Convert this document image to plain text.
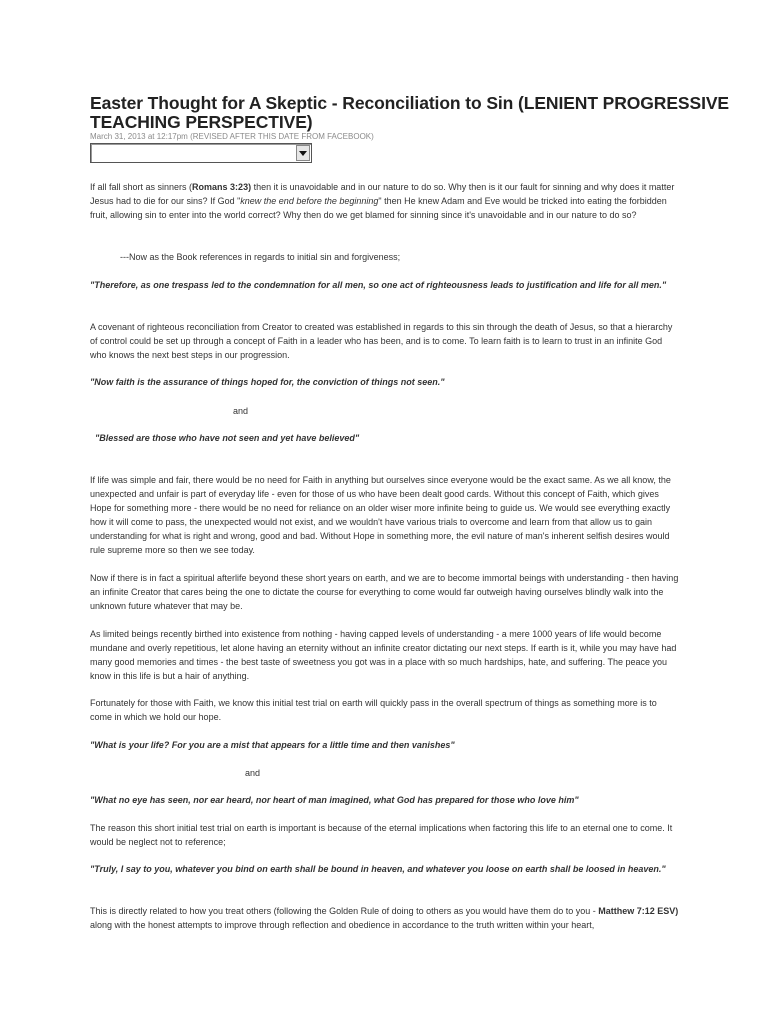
Easter Thought for A Skeptic - Reconciliation to Sin (LENIENT PROGRESSIVE TEACHING PERSPECTIVE)
March 31, 2013 at 12:17pm (REVISED AFTER THIS DATE FROM FACEBOOK)

If all fall short as sinners (Romans 3:23) then it is unavoidable and in our nature to do so. Why then is it our fault for sinning and why does it matter Jesus had to die for our sins? If God "knew the end before the beginning" then He knew Adam and Eve would be tricked into eating the forbidden fruit, allowing sin to enter into the world correct? Why then do we get blamed for sinning since it's unavoidable and in our nature to do so?

---Now as the Book references in regards to initial sin and forgiveness;

"Therefore, as one trespass led to the condemnation for all men, so one act of righteousness leads to justification and life for all men."

A covenant of righteous reconciliation from Creator to created was established in regards to this sin through the death of Jesus, so that a hierarchy of control could be set up through a concept of Faith in a leader who has been, and is to come. To learn faith is to learn to trust in an infinite God who knows the next best steps in our progression.

"Now faith is the assurance of things hoped for, the conviction of things not seen."

and

"Blessed are those who have not seen and yet have believed"

If life was simple and fair, there would be no need for Faith in anything but ourselves since everyone would be the exact same. As we all know, the unexpected and unfair is part of everyday life - even for those of us who have been dealt good cards. Without this concept of Faith, which gives Hope for something more - there would be no need for reliance on an older wiser more infinite being to guide us. We would see everything exactly how it will come to pass, the unexpected would not exist, and we wouldn't have various trials to overcome and learn from that allow us to gain understanding for what is right and wrong, good and bad. Without Hope in something more, the evil nature of man's inherent selfish desires would rule supreme more so then we see today.

Now if there is in fact a spiritual afterlife beyond these short years on earth, and we are to become immortal beings with understanding - then having an infinite Creator that cares being the one to dictate the course for everything to come would far outweigh having ourselves blindly walk into the unknown future whatever that may be.

As limited beings recently birthed into existence from nothing - having capped levels of understanding - a mere 1000 years of life would become mundane and overly repetitious, let alone having an eternity without an infinite creator dictating our next steps. If earth is it, while you may have had many good memories and times - the best taste of sweetness you got was in a place with so much hardships, hate, and suffering. The peace you know in this life is but a hair of anything.

Fortunately for those with Faith, we know this initial test trial on earth will quickly pass in the overall spectrum of things as something more is to come in which we hold our hope.

"What is your life? For you are a mist that appears for a little time and then vanishes"

and

"What no eye has seen, nor ear heard, nor heart of man imagined, what God has prepared for those who love him"

The reason this short initial test trial on earth is important is because of the eternal implications when factoring this life to an eternal one to come. It would be neglect not to reference;

"Truly, I say to you, whatever you bind on earth shall be bound in heaven, and whatever you loose on earth shall be loosed in heaven."

This is directly related to how you treat others (following the Golden Rule of doing to others as you would have them do to you - Matthew 7:12 ESV) along with the honest attempts to improve through reflection and obedience in accordance to the truth written within your heart,
